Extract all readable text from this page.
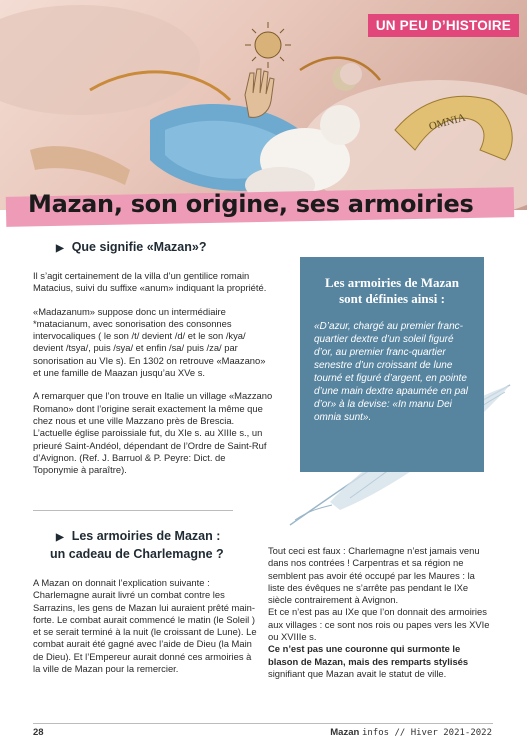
OMNIA
UN PEU D’HISTOIRE
Mazan, son origine, ses armoiries
▶ Que signifie «Mazan»?

Il s’agit certainement de la villa d’un gentilice romain Matacius, suivi du suffixe «anum» indiquant la propriété.

«Madazanum» suppose donc un intermédiaire *matacianum, avec sonorisation des consonnes intervocaliques ( le son /t/ devient /d/ et le son /kya/ devient /tsya/, puis /sya/ et enfin /sa/ puis /za/ par sonorisation au VIe s). En 1302 on retrouve «Maazano» et une famille de Maazan jusqu’au XVe s.

A remarquer que l’on trouve en Italie un village «Mazzano Romano» dont l’origine serait exactement la même que chez nous et une ville Mazzano près de Brescia. L’actuelle église paroissiale fut, du XIe s. au XIIIe s., un prieuré Saint-Andéol, dépendant de l’Ordre de Saint-Ruf d’Avignon. (Ref. J. Barruol & P. Peyre: Dict. de Toponymie à paraître).

Les armoiries de Mazan sont définies ainsi :

«D’azur, chargé au premier franc-quartier dextre d’un soleil figuré d’or, au premier franc-quartier senestre d’un croissant de lune tourné et figuré d’argent, en pointe d’une main dextre apaumée en pal d’or» à la devise: «In manu Dei omnia sunt».

▶ Les armoiries de Mazan :
un cadeau de Charlemagne ?

A Mazan on donnait l’explication suivante : Charlemagne aurait livré un combat contre les Sarrazins, les gens de Mazan lui auraient prêté main-forte. Le combat aurait commencé le matin (le Soleil ) et se serait terminé à la nuit (le croissant de Lune). Le combat aurait été gagné avec l’aide de Dieu (la Main de Dieu). Et l’Empereur aurait donné ces armoiries à la ville de Mazan pour la remercier.

Tout ceci est faux : Charlemagne n’est jamais venu dans nos contrées ! Carpentras et sa région ne semblent pas avoir été occupé par les Maures : la liste des évêques ne s’arrête pas pendant le IXe siècle contrairement à Avignon.

Et ce n’est pas au IXe que l’on donnait des armoiries aux villages : ce sont nos rois ou papes vers les XVIe ou XVIIIe s.

Ce n’est pas une couronne qui surmonte le blason de Mazan, mais des remparts stylisés signifiant que Mazan avait le statut de ville.

28	Mazan infos // Hiver 2021-2022
